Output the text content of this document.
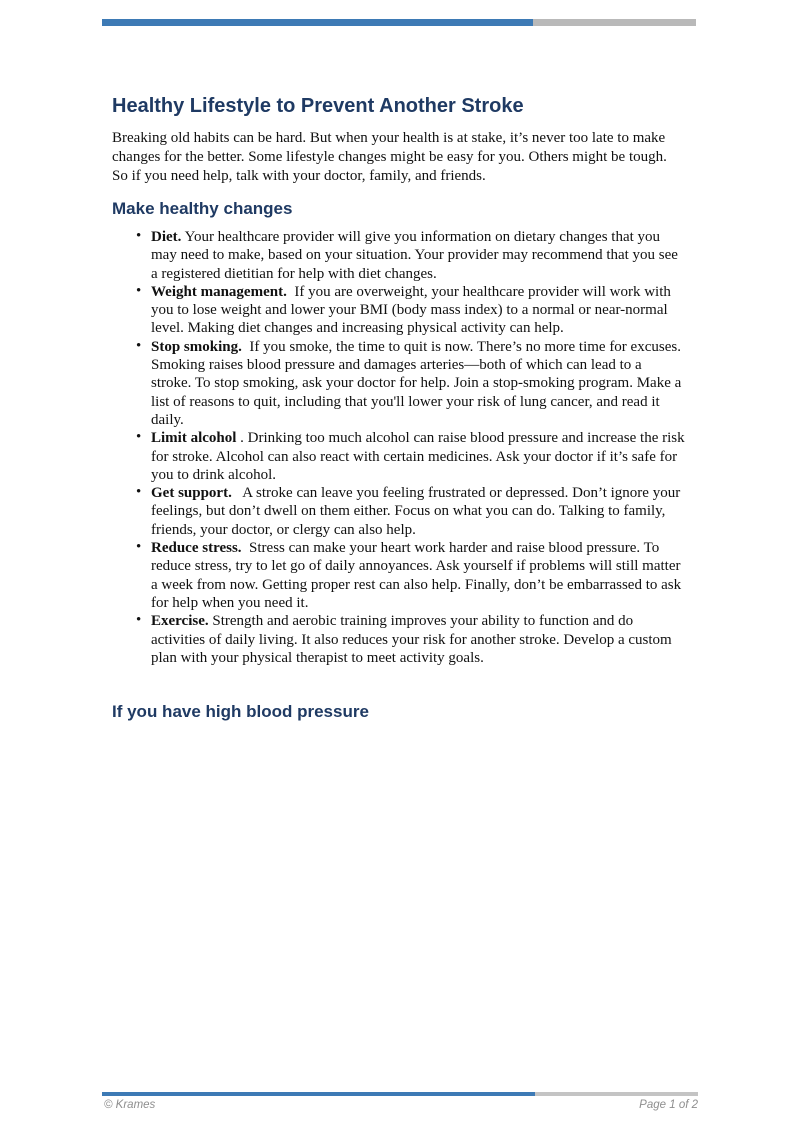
Healthy Lifestyle to Prevent Another Stroke

Breaking old habits can be hard. But when your health is at stake, it’s never too late to make changes for the better. Some lifestyle changes might be easy for you. Others might be tough. So if you need help, talk with your doctor, family, and friends.

Make healthy changes
• Diet. Your healthcare provider will give you information on dietary changes that you may need to make, based on your situation. Your provider may recommend that you see a registered dietitian for help with diet changes.
• Weight management. If you are overweight, your healthcare provider will work with you to lose weight and lower your BMI (body mass index) to a normal or near-normal level. Making diet changes and increasing physical activity can help.
• Stop smoking. If you smoke, the time to quit is now. There’s no more time for excuses. Smoking raises blood pressure and damages arteries—both of which can lead to a stroke. To stop smoking, ask your doctor for help. Join a stop-smoking program. Make a list of reasons to quit, including that you'll lower your risk of lung cancer, and read it daily.
• Limit alcohol . Drinking too much alcohol can raise blood pressure and increase the risk for stroke. Alcohol can also react with certain medicines. Ask your doctor if it’s safe for you to drink alcohol.
• Get support. A stroke can leave you feeling frustrated or depressed. Don’t ignore your feelings, but don’t dwell on them either. Focus on what you can do. Talking to family, friends, your doctor, or clergy can also help.
• Reduce stress. Stress can make your heart work harder and raise blood pressure. To reduce stress, try to let go of daily annoyances. Ask yourself if problems will still matter a week from now. Getting proper rest can also help. Finally, don’t be embarrassed to ask for help when you need it.
• Exercise. Strength and aerobic training improves your ability to function and do activities of daily living. It also reduces your risk for another stroke. Develop a custom plan with your physical therapist to meet activity goals.
If you have high blood pressure
© Krames	Page 1 of 2
